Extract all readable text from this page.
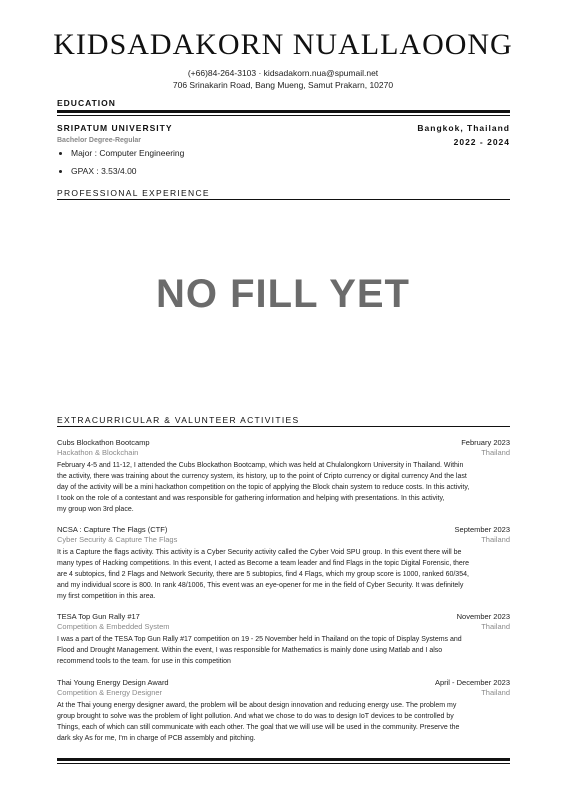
KIDSADAKORN NUALLAOONG
(+66)84-264-3103 · kidsadakorn.nua@spumail.net
706 Srinakarin Road, Bang Mueng, Samut Prakarn, 10270
EDUCATION
SRIPATUM UNIVERSITY	Bangkok, Thailand
Bachelor Degree-Regular	2022 - 2024
• Major : Computer Engineering
• GPAX : 3.53/4.00
PROFESSIONAL EXPERIENCE
NO FILL YET
EXTRACURRICULAR & VALUNTEER ACTIVITIES
Cubs Blockathon Bootcamp	February 2023
Hackathon & Blockchain	Thailand
February 4-5 and 11-12, I attended the Cubs Blockathon Bootcamp, which was held at Chulalongkorn University in Thailand. Within
the activity, there was training about the currency system, its history, up to the point of Cripto currency or digital currency And the last
day of the activity will be a mini hackathon competition on the topic of applying the Block chain system to reduce costs. In this activity,
I took on the role of a contestant and was responsible for gathering information and helping with presentations. In this activity,
my group won 3rd place.
NCSA : Capture The Flags (CTF)	September 2023
Cyber Security & Capture The Flags	Thailand
It is a Capture the flags activity. This activity is a Cyber Security activity called the Cyber Void SPU group. In this event there will be
many types of Hacking competitions. In this event, I acted as Become a team leader and find Flags in the topic Digital Forensic, there
are 4 subtopics, find 2 Flags and Network Security, there are 5 subtopics, find 4 Flags, which my group score is 1000, ranked 60/354,
and my individual score is 800. In rank 48/1006, This event was an eye-opener for me in the field of Cyber Security. It was definitely
my first competition in this area.
TESA Top Gun Rally #17	November 2023
Competition & Embedded System	Thailand
I was a part of the TESA Top Gun Rally #17 competition on 19 - 25 November held in Thailand on the topic of Display Systems and
Flood and Drought Management. Within the event, I was responsible for Mathematics is mainly done using Matlab and I also
recommend tools to the team. for use in this competition
Thai Young Energy Design Award	April - December 2023
Competition & Energy Designer	Thailand
At the Thai young energy designer award, the problem will be about design innovation and reducing energy use. The problem my
group brought to solve was the problem of light pollution. And what we chose to do was to design IoT devices to be controlled by
Things, each of which can still communicate with each other. The goal that we will use will be used in the community. Preserve the
dark sky As for me, I'm in charge of PCB assembly and pitching.
